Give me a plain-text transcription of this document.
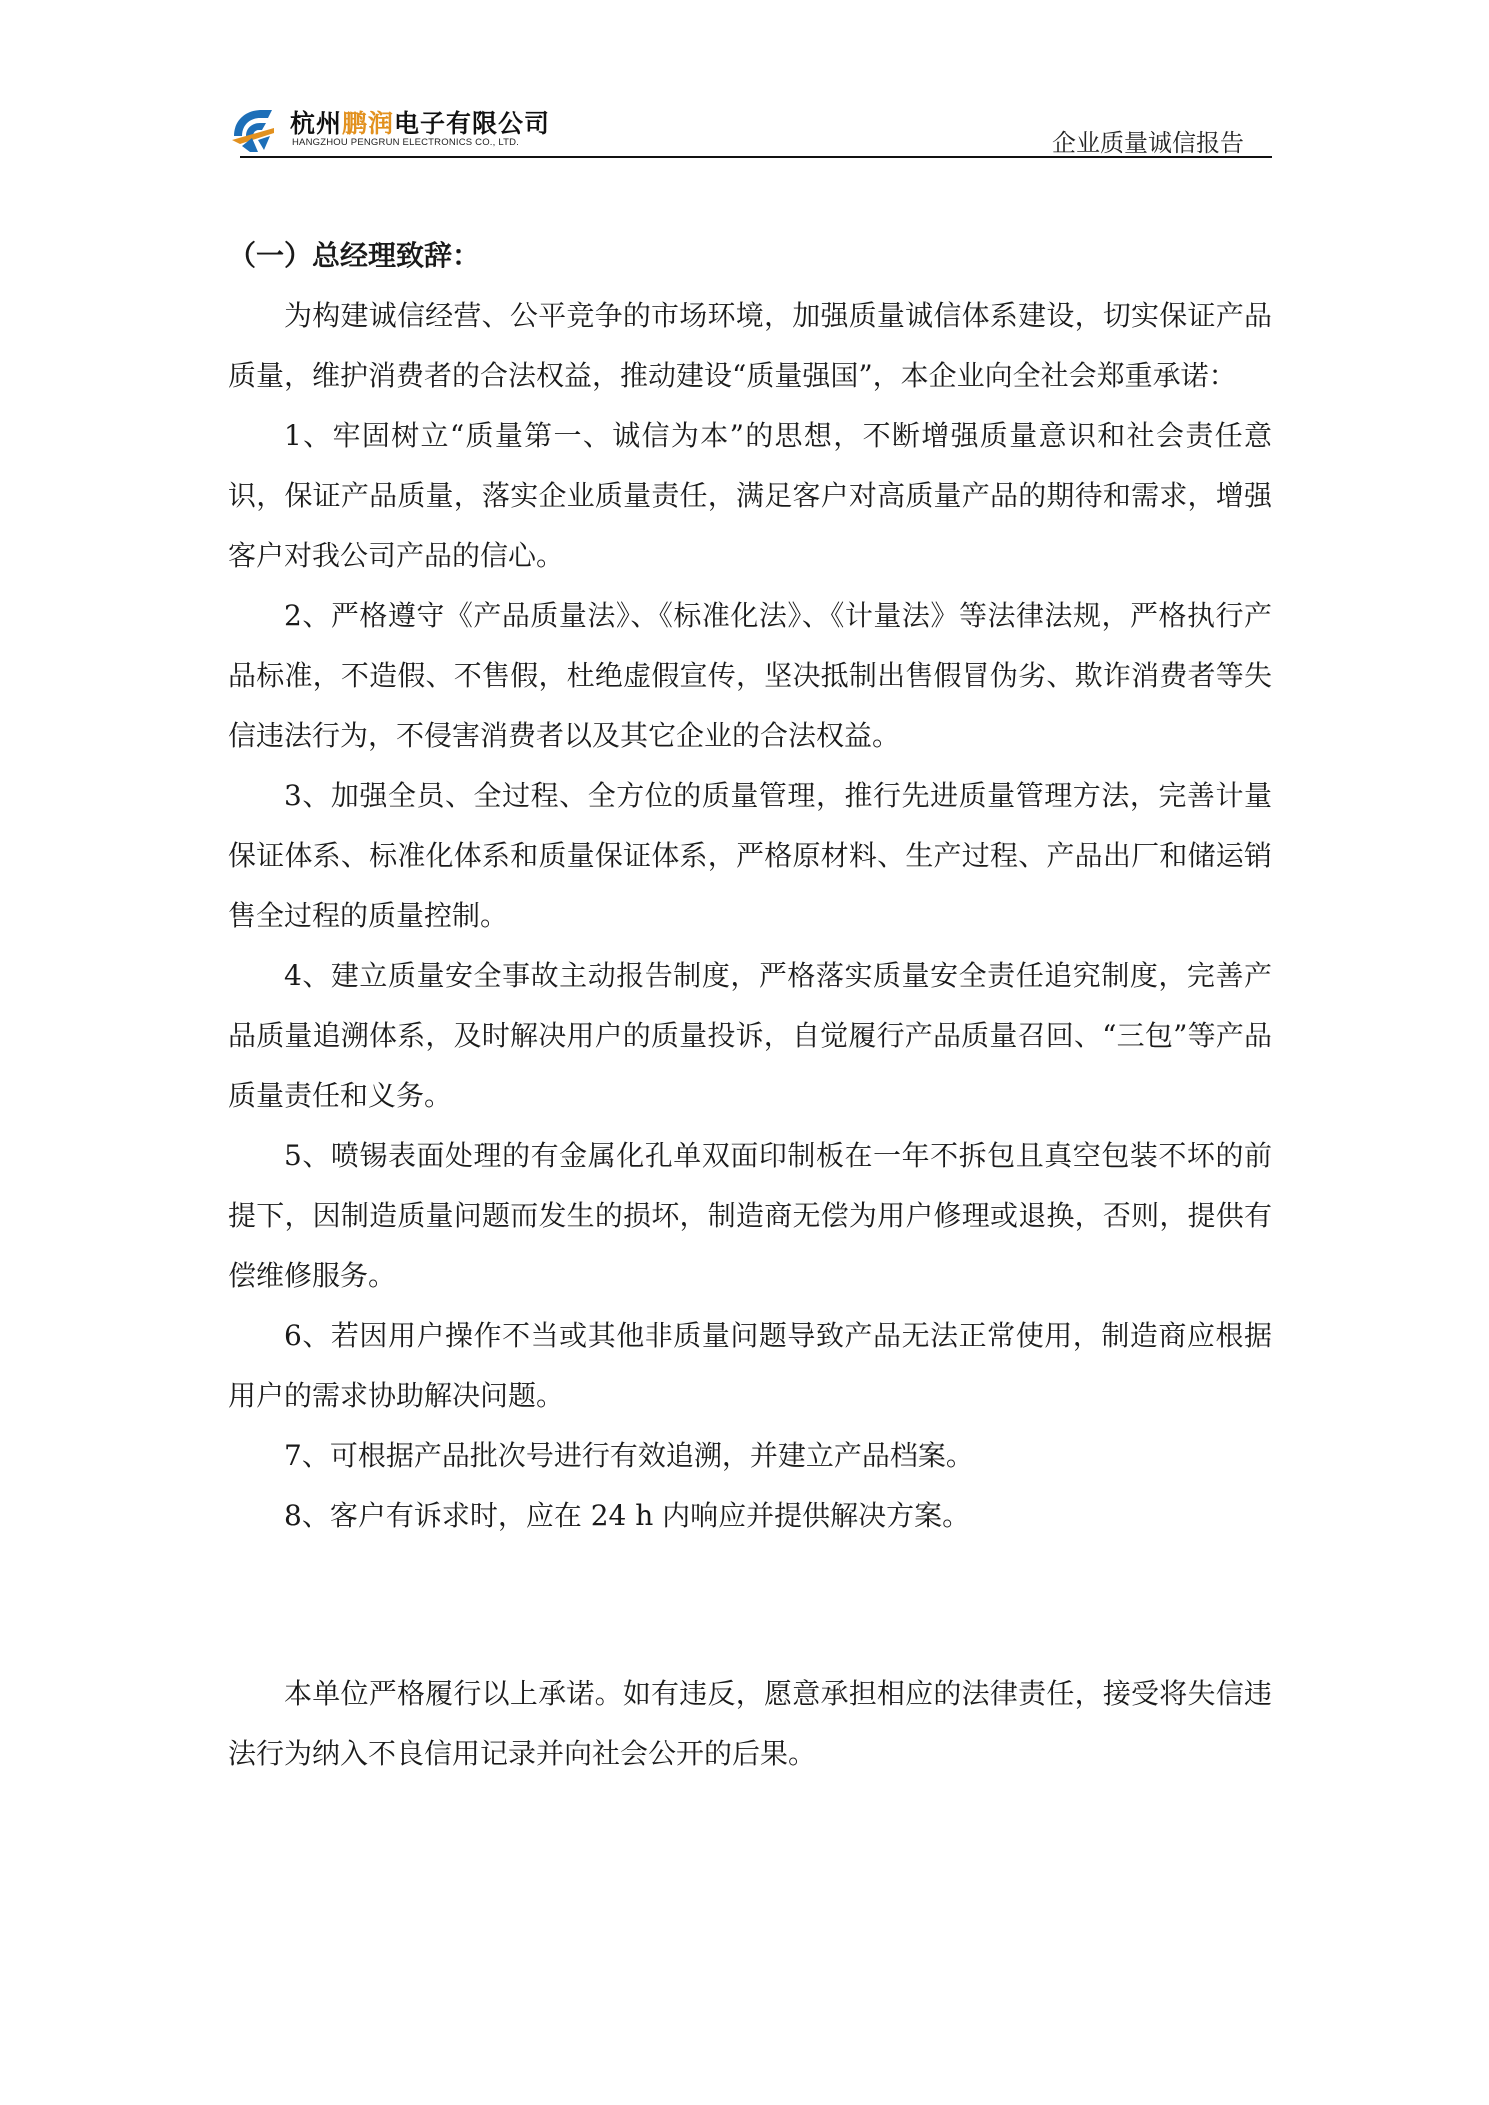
杭州鹏润电子有限公司
HANGZHOU PENGRUN ELECTRONICS CO., LTD.	企业质量诚信报告

（一）总经理致辞：

为构建诚信经营、公平竞争的市场环境，加强质量诚信体系建设，切实保证产品质量，维护消费者的合法权益，推动建设“质量强国”，本企业向全社会郑重承诺：

1、牢固树立“质量第一、诚信为本”的思想，不断增强质量意识和社会责任意识，保证产品质量，落实企业质量责任，满足客户对高质量产品的期待和需求，增强客户对我公司产品的信心。

2、严格遵守《产品质量法》、《标准化法》、《计量法》等法律法规，严格执行产品标准，不造假、不售假，杜绝虚假宣传，坚决抵制出售假冒伪劣、欺诈消费者等失信违法行为，不侵害消费者以及其它企业的合法权益。

3、加强全员、全过程、全方位的质量管理，推行先进质量管理方法，完善计量保证体系、标准化体系和质量保证体系，严格原材料、生产过程、产品出厂和储运销售全过程的质量控制。

4、建立质量安全事故主动报告制度，严格落实质量安全责任追究制度，完善产品质量追溯体系，及时解决用户的质量投诉，自觉履行产品质量召回、“三包”等产品质量责任和义务。

5、喷锡表面处理的有金属化孔单双面印制板在一年不拆包且真空包装不坏的前提下，因制造质量问题而发生的损坏，制造商无偿为用户修理或退换，否则，提供有偿维修服务。

6、若因用户操作不当或其他非质量问题导致产品无法正常使用，制造商应根据用户的需求协助解决问题。

7、可根据产品批次号进行有效追溯，并建立产品档案。

8、客户有诉求时，应在 24 h 内响应并提供解决方案。

本单位严格履行以上承诺。如有违反，愿意承担相应的法律责任，接受将失信违法行为纳入不良信用记录并向社会公开的后果。
